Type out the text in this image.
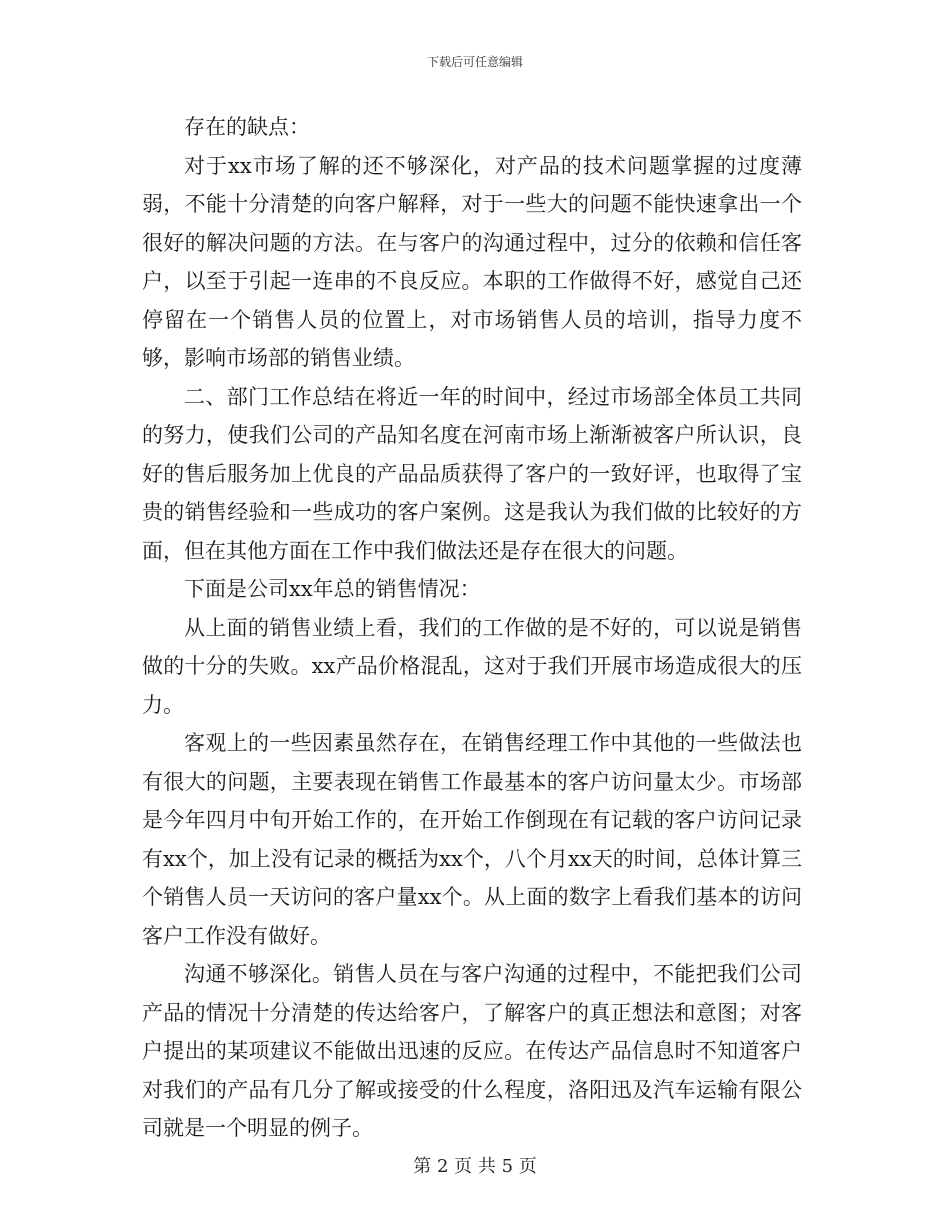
下载后可任意编辑

存在的缺点：

对于xx市场了解的还不够深化，对产品的技术问题掌握的过度薄弱，不能十分清楚的向客户解释，对于一些大的问题不能快速拿出一个很好的解决问题的方法。在与客户的沟通过程中，过分的依赖和信任客户，以至于引起一连串的不良反应。本职的工作做得不好，感觉自己还停留在一个销售人员的位置上，对市场销售人员的培训，指导力度不够，影响市场部的销售业绩。

二、部门工作总结在将近一年的时间中，经过市场部全体员工共同的努力，使我们公司的产品知名度在河南市场上渐渐被客户所认识，良好的售后服务加上优良的产品品质获得了客户的一致好评，也取得了宝贵的销售经验和一些成功的客户案例。这是我认为我们做的比较好的方面，但在其他方面在工作中我们做法还是存在很大的问题。

下面是公司xx年总的销售情况：

从上面的销售业绩上看，我们的工作做的是不好的，可以说是销售做的十分的失败。xx产品价格混乱，这对于我们开展市场造成很大的压力。

客观上的一些因素虽然存在，在销售经理工作中其他的一些做法也有很大的问题，主要表现在销售工作最基本的客户访问量太少。市场部是今年四月中旬开始工作的，在开始工作倒现在有记载的客户访问记录有xx个，加上没有记录的概括为xx个，八个月xx天的时间，总体计算三个销售人员一天访问的客户量xx个。从上面的数字上看我们基本的访问客户工作没有做好。

沟通不够深化。销售人员在与客户沟通的过程中，不能把我们公司产品的情况十分清楚的传达给客户，了解客户的真正想法和意图；对客户提出的某项建议不能做出迅速的反应。在传达产品信息时不知道客户对我们的产品有几分了解或接受的什么程度，洛阳迅及汽车运输有限公司就是一个明显的例子。

第 2 页 共 5 页
